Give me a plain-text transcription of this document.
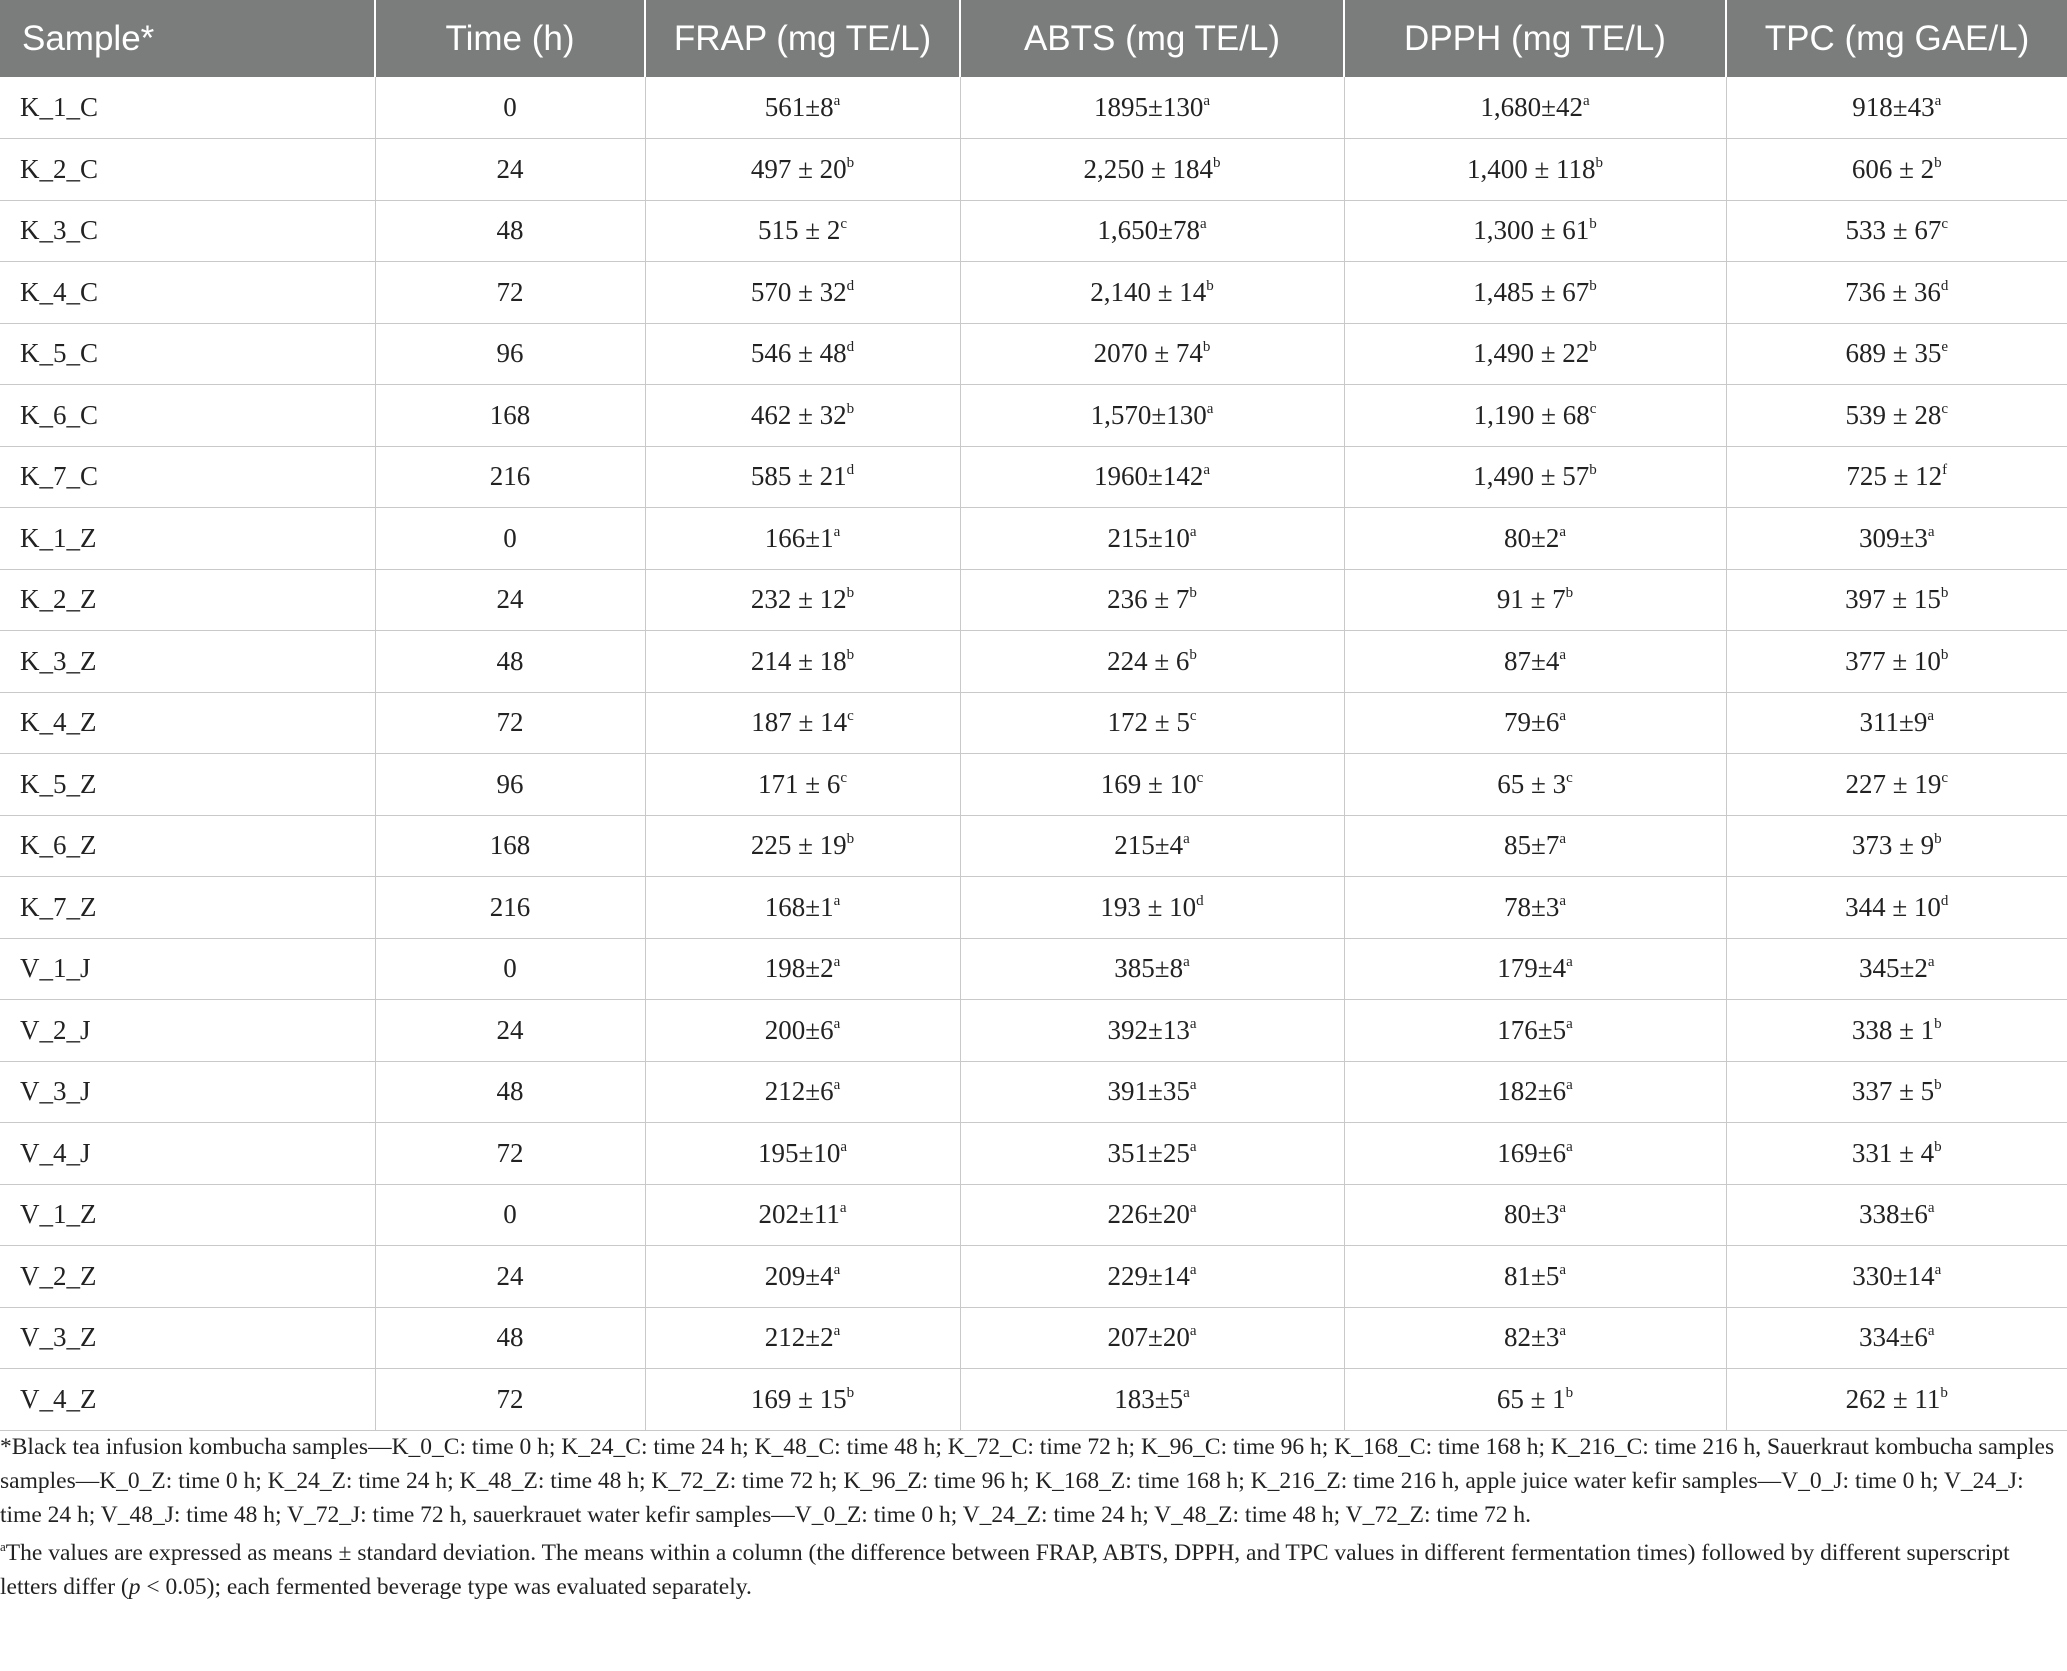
Sample*	Time (h)	FRAP (mg TE/L)	ABTS (mg TE/L)	DPPH (mg TE/L)	TPC (mg GAE/L)
K_1_C	0	$561\pm 8^a$	$1895\pm 130^a$	$1,680\pm 42^a$	$918\pm 43^a$
K_2_C	24	$497 \pm 20^b$	$2,250 \pm 184^b$	$1,400 \pm 118^b$	$606 \pm 2^b$
K_3_C	48	$515 \pm 2^c$	$1,650\pm 78^a$	$1,300 \pm 61^b$	$533 \pm 67^c$
K_4_C	72	$570 \pm 32^d$	$2,140 \pm 14^b$	$1,485 \pm 67^b$	$736 \pm 36^d$
K_5_C	96	$546 \pm 48^d$	$2070 \pm 74^b$	$1,490 \pm 22^b$	$689 \pm 35^e$
K_6_C	168	$462 \pm 32^b$	$1,570\pm 130^a$	$1,190 \pm 68^c$	$539 \pm 28^c$
K_7_C	216	$585 \pm 21^d$	$1960\pm 142^a$	$1,490 \pm 57^b$	$725 \pm 12^f$
K_1_Z	0	$166\pm 1^a$	$215\pm 10^a$	$80\pm 2^a$	$309\pm 3^a$
K_2_Z	24	$232 \pm 12^b$	$236 \pm 7^b$	$91 \pm 7^b$	$397 \pm 15^b$
K_3_Z	48	$214 \pm 18^b$	$224 \pm 6^b$	$87\pm 4^a$	$377 \pm 10^b$
K_4_Z	72	$187 \pm 14^c$	$172 \pm 5^c$	$79\pm 6^a$	$311\pm 9^a$
K_5_Z	96	$171 \pm 6^c$	$169 \pm 10^c$	$65 \pm 3^c$	$227 \pm 19^c$
K_6_Z	168	$225 \pm 19^b$	$215\pm 4^a$	$85\pm 7^a$	$373 \pm 9^b$
K_7_Z	216	$168\pm 1^a$	$193 \pm 10^d$	$78\pm 3^a$	$344 \pm 10^d$
V_1_J	0	$198\pm 2^a$	$385\pm 8^a$	$179\pm 4^a$	$345\pm 2^a$
V_2_J	24	$200\pm 6^a$	$392\pm 13^a$	$176\pm 5^a$	$338 \pm 1^b$
V_3_J	48	$212\pm 6^a$	$391\pm 35^a$	$182\pm 6^a$	$337 \pm 5^b$
V_4_J	72	$195\pm 10^a$	$351\pm 25^a$	$169\pm 6^a$	$331 \pm 4^b$
V_1_Z	0	$202\pm 11^a$	$226\pm 20^a$	$80\pm 3^a$	$338\pm 6^a$
V_2_Z	24	$209\pm 4^a$	$229\pm 14^a$	$81\pm 5^a$	$330\pm 14^a$
V_3_Z	48	$212\pm 2^a$	$207\pm 20^a$	$82\pm 3^a$	$334\pm 6^a$
V_4_Z	72	$169 \pm 15^b$	$183\pm 5^a$	$65 \pm 1^b$	$262 \pm 11^b$

*Black tea infusion kombucha samples—K_0_C: time 0 h; K_24_C: time 24 h; K_48_C: time 48 h; K_72_C: time 72 h; K_96_C: time 96 h; K_168_C: time 168 h; K_216_C: time 216 h, Sauerkraut kombucha samples samples—K_0_Z: time 0 h; K_24_Z: time 24 h; K_48_Z: time 48 h; K_72_Z: time 72 h; K_96_Z: time 96 h; K_168_Z: time 168 h; K_216_Z: time 216 h, apple juice water kefir samples—V_0_J: time 0 h; V_24_J: time 24 h; V_48_J: time 48 h; V_72_J: time 72 h, sauerkrauet water kefir samples—V_0_Z: time 0 h; V_24_Z: time 24 h; V_48_Z: time 48 h; V_72_Z: time 72 h.

$^a$The values are expressed as means ± standard deviation. The means within a column (the difference between FRAP, ABTS, DPPH, and TPC values in different fermentation times) followed by different superscript letters differ (p < 0.05); each fermented beverage type was evaluated separately.
